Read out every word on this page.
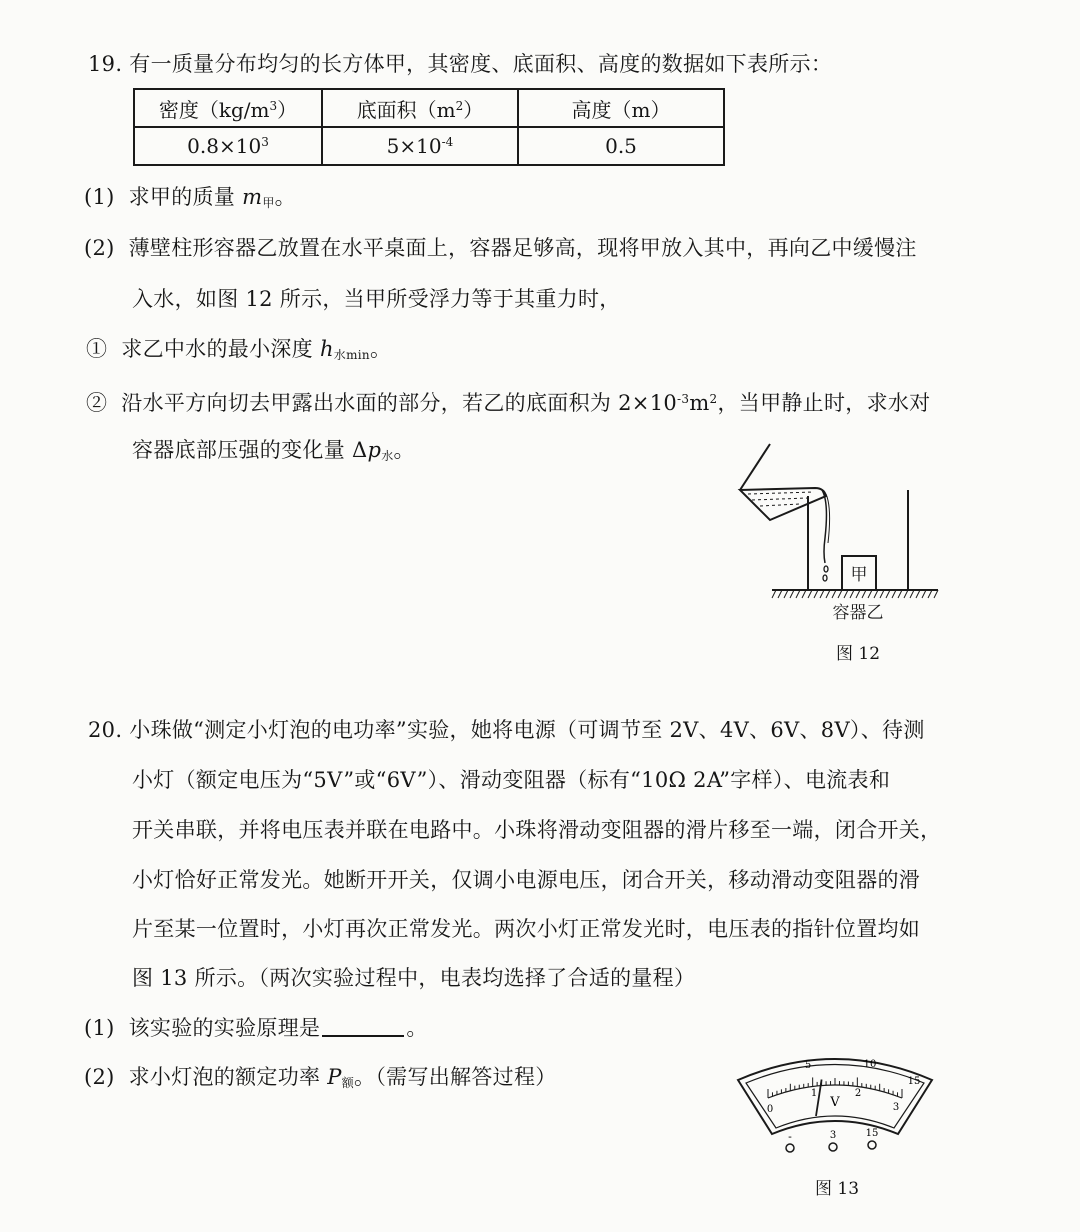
19. 有一质量分布均匀的长方体甲，其密度、底面积、高度的数据如下表所示：
密度$(kg/m^3)$	底面积$(m^2)$	高度（m）
$0.8\times 10^3$	$5\times 10^{-4}$	0.5
(1) 求甲的质量 $m_甲$。
(2) 薄壁柱形容器乙放置在水平桌面上，容器足够高，现将甲放入其中，再向乙中缓慢注
入水，如图 12 所示，当甲所受浮力等于其重力时，
① 求乙中水的最小深度 $h_{水min}$。
② 沿水平方向切去甲露出水面的部分，若乙的底面积为 $2\times 10^{-3}m^2$，当甲静止时，求水对
容器底部压强的变化量 $\Delta p_水$。
甲
容器乙
图 12
20. 小珠做“测定小灯泡的电功率”实验，她将电源（可调节至 2V、4V、6V、8V）、待测
小灯（额定电压为“5V”或“6V”）、滑动变阻器（标有“10Ω 2A”字样）、电流表和
开关串联，并将电压表并联在电路中。小珠将滑动变阻器的滑片移至一端，闭合开关，
小灯恰好正常发光。她断开开关，仅调小电源电压，闭合开关，移动滑动变阻器的滑
片至某一位置时，小灯再次正常发光。两次小灯正常发光时，电压表的指针位置均如
图 13 所示。（两次实验过程中，电表均选择了合适的量程）
(1) 该实验的实验原理是	。
(2) 求小灯泡的额定功率 $P_额$。（需写出解答过程）	5	10
15
0
1	2
3
V
-	3	15
图 13
